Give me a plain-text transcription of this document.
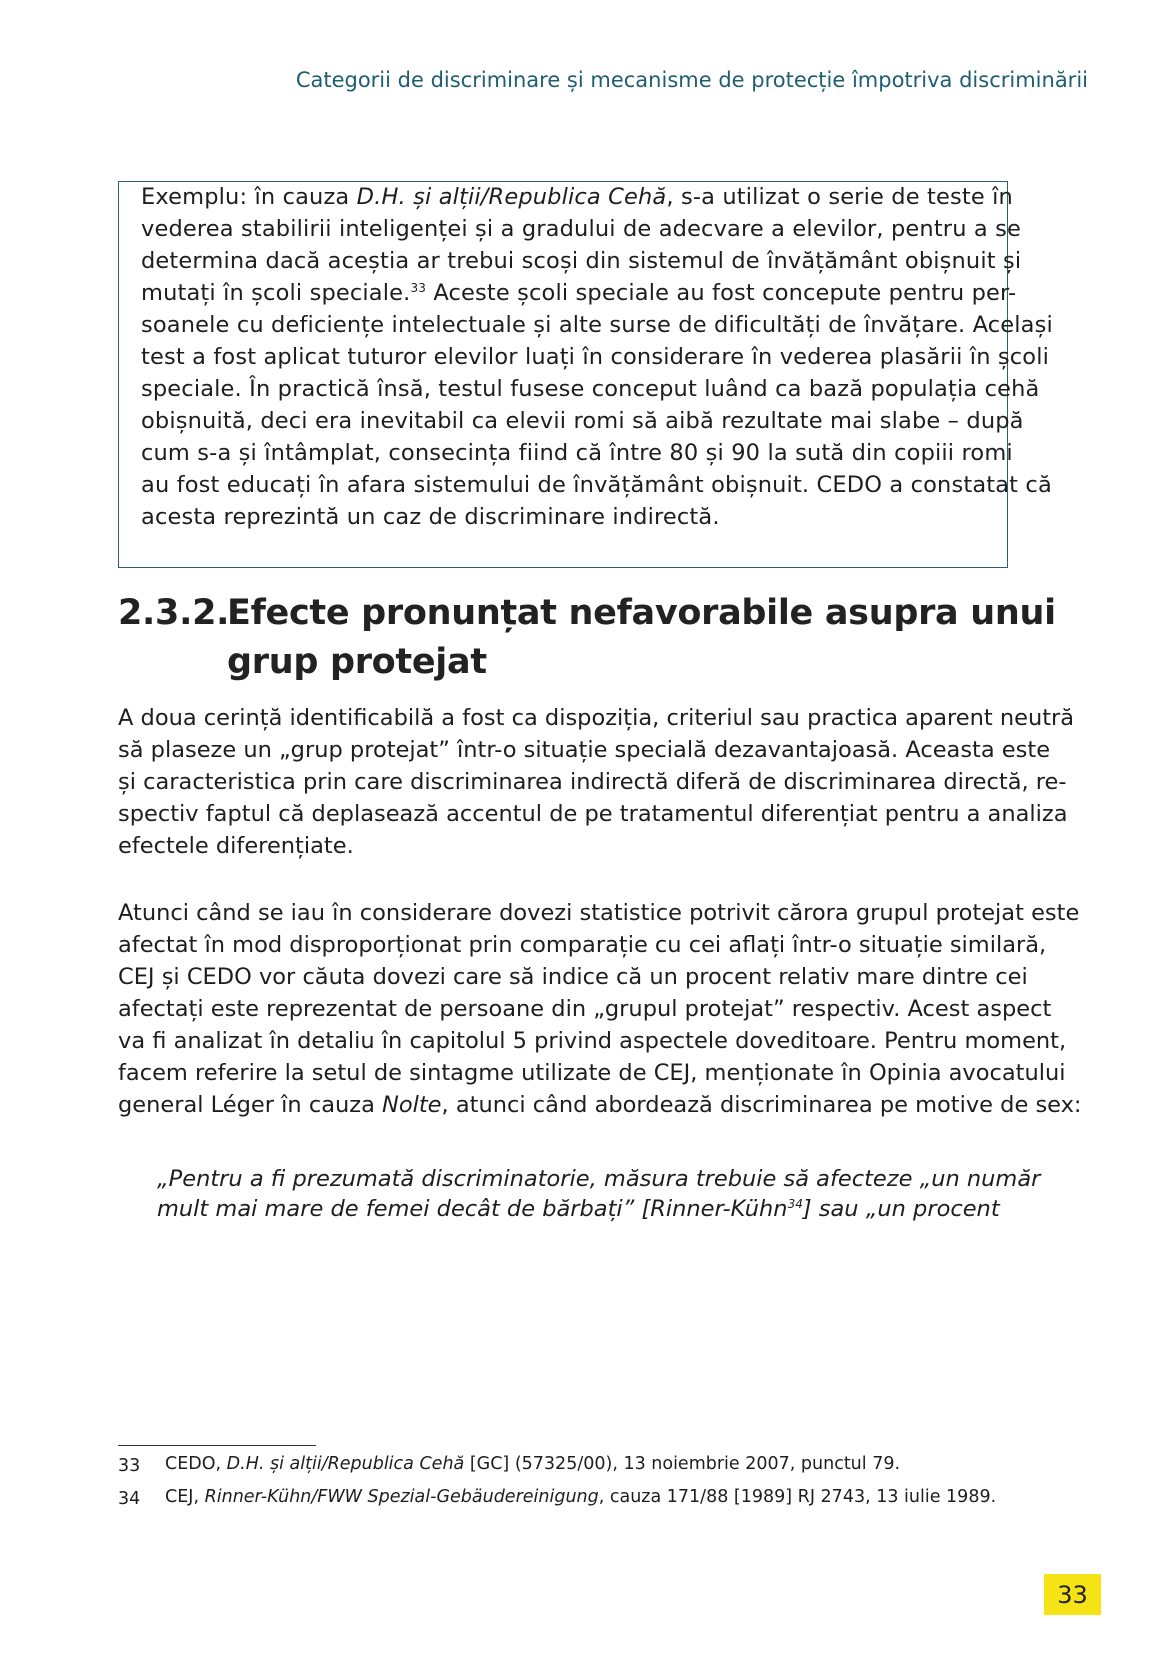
Categorii de discriminare și mecanisme de protecție împotriva discriminării
Exemplu: în cauza D.H. și alții/Republica Cehă, s-a utilizat o serie de teste în
vederea stabilirii inteligenței și a gradului de adecvare a elevilor, pentru a se
determina dacă aceștia ar trebui scoși din sistemul de învățământ obișnuit și
mutați în școli speciale.$^{33}$ Aceste școli speciale au fost concepute pentru per-
soanele cu deficiențe intelectuale și alte surse de dificultăți de învățare. Același
test a fost aplicat tuturor elevilor luați în considerare în vederea plasării în școli
speciale. În practică însă, testul fusese conceput luând ca bază populația cehă
obișnuită, deci era inevitabil ca elevii romi să aibă rezultate mai slabe – după
cum s-a și întâmplat, consecința fiind că între 80 și 90 la sută din copiii romi
au fost educați în afara sistemului de învățământ obișnuit. CEDO a constatat că
acesta reprezintă un caz de discriminare indirectă.
2.3.2.
Efecte pronunțat nefavorabile asupra unui
grup protejat
A doua cerință identificabilă a fost ca dispoziția, criteriul sau practica aparent neutră
să plaseze un „grup protejat” într-o situație specială dezavantajoasă. Aceasta este
și caracteristica prin care discriminarea indirectă diferă de discriminarea directă, re-
spectiv faptul că deplasează accentul de pe tratamentul diferențiat pentru a analiza
efectele diferențiate.
Atunci când se iau în considerare dovezi statistice potrivit cărora grupul protejat este
afectat în mod disproporționat prin comparație cu cei aflați într-o situație similară,
CEJ și CEDO vor căuta dovezi care să indice că un procent relativ mare dintre cei
afectați este reprezentat de persoane din „grupul protejat” respectiv. Acest aspect
va fi analizat în detaliu în capitolul 5 privind aspectele doveditoare. Pentru moment,
facem referire la setul de sintagme utilizate de CEJ, menționate în Opinia avocatului
general Léger în cauza Nolte, atunci când abordează discriminarea pe motive de sex:
„Pentru a fi prezumată discriminatorie, măsura trebuie să afecteze „un număr
mult mai mare de femei decât de bărbați” [Rinner-Kühn$^{34}$] sau „un procent
33 CEDO, D.H. și alții/Republica Cehă [GC] (57325/00), 13 noiembrie 2007, punctul 79.
34 CEJ, Rinner-Kühn/FWW Spezial-Gebäudereinigung, cauza 171/88 [1989] RJ 2743, 13 iulie 1989.
33
